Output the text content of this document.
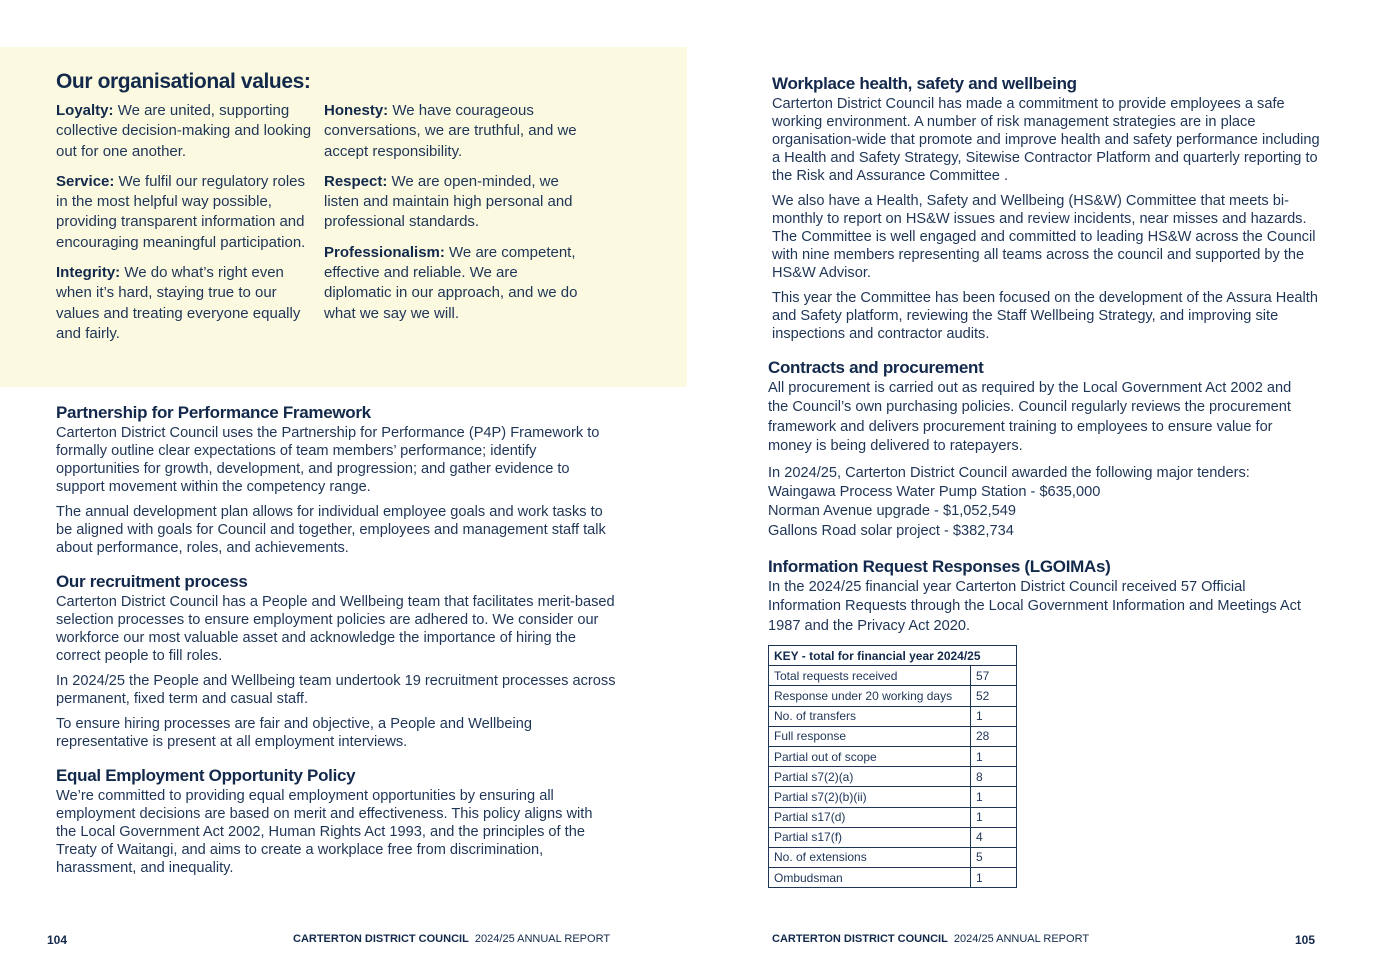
Our organisational values:

Loyalty: We are united, supporting collective decision-making and looking out for one another.

Service: We fulfil our regulatory roles in the most helpful way possible, providing transparent information and encouraging meaningful participation.

Integrity: We do what’s right even when it’s hard, staying true to our values and treating everyone equally and fairly.

Honesty: We have courageous conversations, we are truthful, and we accept responsibility.

Respect: We are open-minded, we listen and maintain high personal and professional standards.

Professionalism: We are competent, effective and reliable. We are diplomatic in our approach, and we do what we say we will.

Partnership for Performance Framework

Carterton District Council uses the Partnership for Performance (P4P) Framework to formally outline clear expectations of team members’ performance; identify opportunities for growth, development, and progression; and gather evidence to support movement within the competency range.

The annual development plan allows for individual employee goals and work tasks to be aligned with goals for Council and together, employees and management staff talk about performance, roles, and achievements.

Our recruitment process

Carterton District Council has a People and Wellbeing team that facilitates merit-based selection processes to ensure employment policies are adhered to. We consider our workforce our most valuable asset and acknowledge the importance of hiring the correct people to fill roles.

In 2024/25 the People and Wellbeing team undertook 19 recruitment processes across permanent, fixed term and casual staff.

To ensure hiring processes are fair and objective, a People and Wellbeing representative is present at all employment interviews.

Equal Employment Opportunity Policy

We’re committed to providing equal employment opportunities by ensuring all employment decisions are based on merit and effectiveness. This policy aligns with the Local Government Act 2002, Human Rights Act 1993, and the principles of the Treaty of Waitangi, and aims to create a workplace free from discrimination, harassment, and inequality.

Workplace health, safety and wellbeing

Carterton District Council has made a commitment to provide employees a safe working environment. A number of risk management strategies are in place organisation-wide that promote and improve health and safety performance including a Health and Safety Strategy, Sitewise Contractor Platform and quarterly reporting to the Risk and Assurance Committee .

We also have a Health, Safety and Wellbeing (HS&W) Committee that meets bi-monthly to report on HS&W issues and review incidents, near misses and hazards. The Committee is well engaged and committed to leading HS&W across the Council with nine members representing all teams across the council and supported by the HS&W Advisor.

This year the Committee has been focused on the development of the Assura Health and Safety platform, reviewing the Staff Wellbeing Strategy, and improving site inspections and contractor audits.

Contracts and procurement

All procurement is carried out as required by the Local Government Act 2002 and the Council’s own purchasing policies. Council regularly reviews the procurement framework and delivers procurement training to employees to ensure value for money is being delivered to ratepayers.

In 2024/25, Carterton District Council awarded the following major tenders:

Waingawa Process Water Pump Station - $635,000

Norman Avenue upgrade - $1,052,549

Gallons Road solar project - $382,734

Information Request Responses (LGOIMAs)

In the 2024/25 financial year Carterton District Council received 57 Official Information Requests through the Local Government Information and Meetings Act 1987 and the Privacy Act 2020.

KEY - total for financial year 2024/25	
Total requests received	57
Response under 20 working days	52
No. of transfers	1
Full response	28
Partial out of scope	1
Partial s7(2)(a)	8
Partial s7(2)(b)(ii)	1
Partial s17(d)	1
Partial s17(f)	4
No. of extensions	5
Ombudsman	1
104	CARTERTON DISTRICT COUNCIL 2024/25 ANNUAL REPORT	CARTERTON DISTRICT COUNCIL 2024/25 ANNUAL REPORT	105
